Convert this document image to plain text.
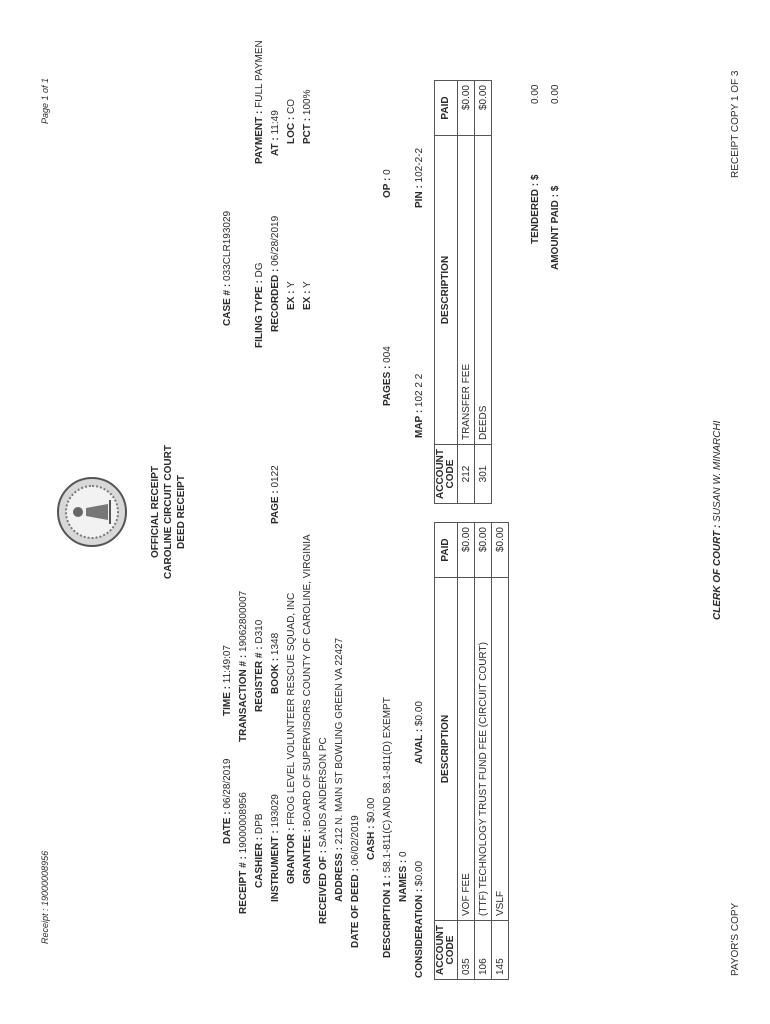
Receipt : 19000008956
Page 1 of 1
OFFICIAL RECEIPT CAROLINE CIRCUIT COURT DEED RECEIPT
DATE : 06/28/2019
TIME : 11:49:07
CASE # : 033CLR193029
RECEIPT # : 19000008956
TRANSACTION # : 19062800007
CASHIER : DPB
REGISTER # : D310
FILING TYPE : DG
PAYMENT : FULL PAYMEN
INSTRUMENT : 193029
BOOK : 1348
PAGE : 0122
RECORDED : 06/28/2019
AT : 11:49
GRANTOR : FROG LEVEL VOLUNTEER RESCUE SQUAD, INC
EX : Y
LOC : CO
GRANTEE : BOARD OF SUPERVISORS COUNTY OF CAROLINE, VIRGINIA
EX : Y
PCT : 100%
RECEIVED OF : SANDS ANDERSON PC
ADDRESS : 212 N. MAIN ST BOWLING GREEN VA 22427
DATE OF DEED : 06/02/2019 CASH : $0.00
DESCRIPTION 1 : 58.1-811(C) AND 58.1-811(D) EXEMPT
PAGES : 004
OP : 0
NAMES : 0
CONSIDERATION : $0.00
A/VAL : $0.00
MAP : 102 2 2
PIN : 102-2-2
ACCOUNT CODE	DESCRIPTION	PAID
035	VOF FEE	$0.00
106	(TTF) TECHNOLOGY TRUST FUND FEE (CIRCUIT COURT)	$0.00
145	VSLF	$0.00
ACCOUNT CODE	DESCRIPTION	PAID
212	TRANSFER FEE	$0.00
301	DEEDS	$0.00
TENDERED : $
0.00
AMOUNT PAID : $
0.00
CLERK OF COURT : SUSAN W. MINARCHI
PAYOR'S COPY
RECEIPT COPY 1 OF 3
